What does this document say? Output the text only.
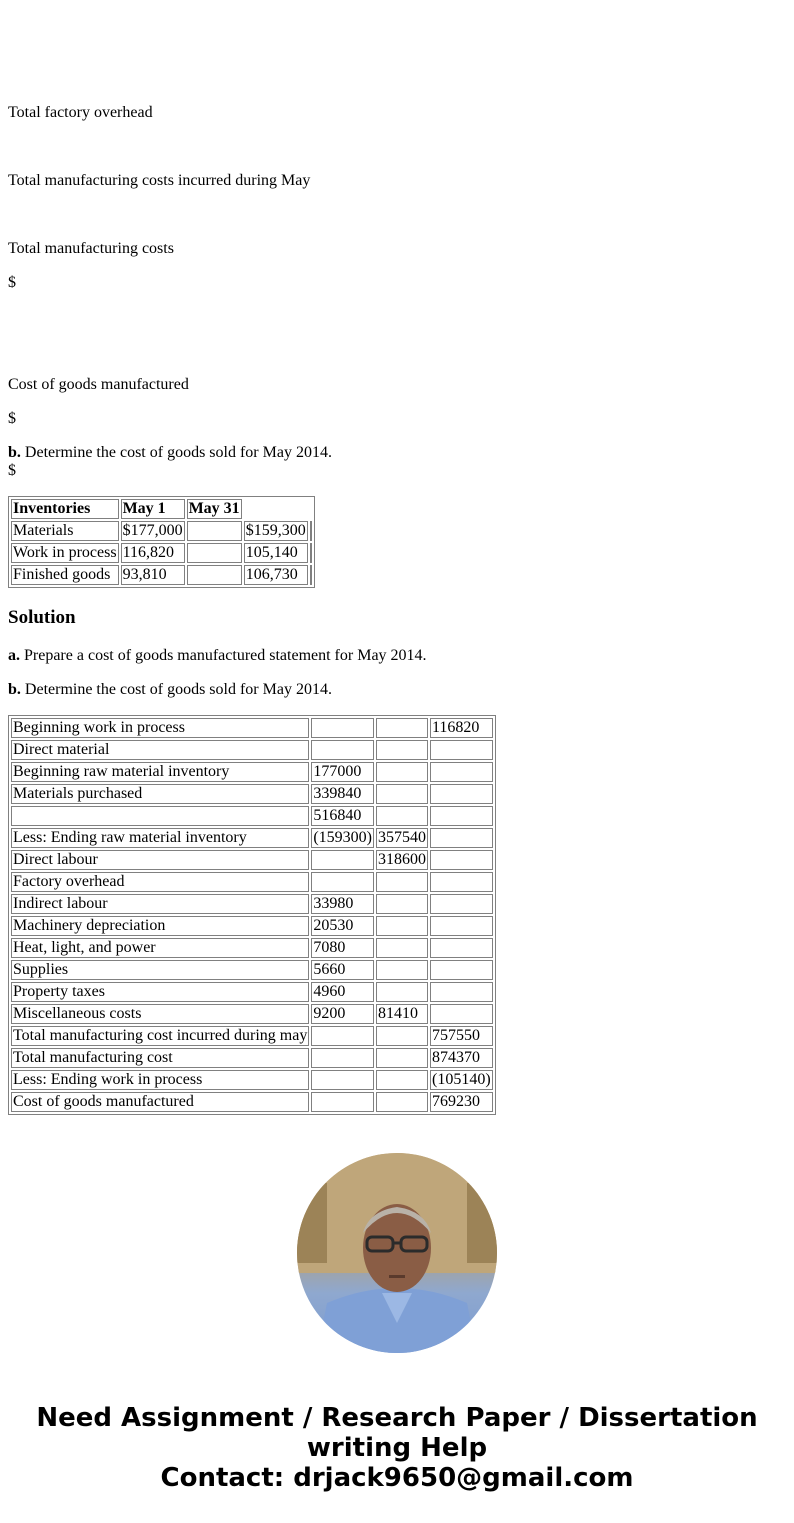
Total factory overhead

Total manufacturing costs incurred during May

Total manufacturing costs

$

Cost of goods manufactured

$

b. Determine the cost of goods sold for May 2014.

$

Inventories	May 1	May 31		
Materials	$177,000		$159,300	
Work in process	116,820		105,140	
Finished goods	93,810		106,730	
Solution

a. Prepare a cost of goods manufactured statement for May 2014.

b. Determine the cost of goods sold for May 2014.

Beginning work in process			116820
Direct material			
Beginning raw material inventory	177000		
Materials purchased	339840		
	516840		
Less: Ending raw material inventory	(159300)	357540	
Direct labour		318600	
Factory overhead			
Indirect labour	33980		
Machinery depreciation	20530		
Heat, light, and power	7080		
Supplies	5660		
Property taxes	4960		
Miscellaneous costs	9200	81410	
Total manufacturing cost incurred during may			757550
Total manufacturing cost			874370
Less: Ending work in process			(105140)
Cost of goods manufactured			769230
Need Assignment / Research Paper / Dissertation
writing Help
Contact: drjack9650@gmail.com
